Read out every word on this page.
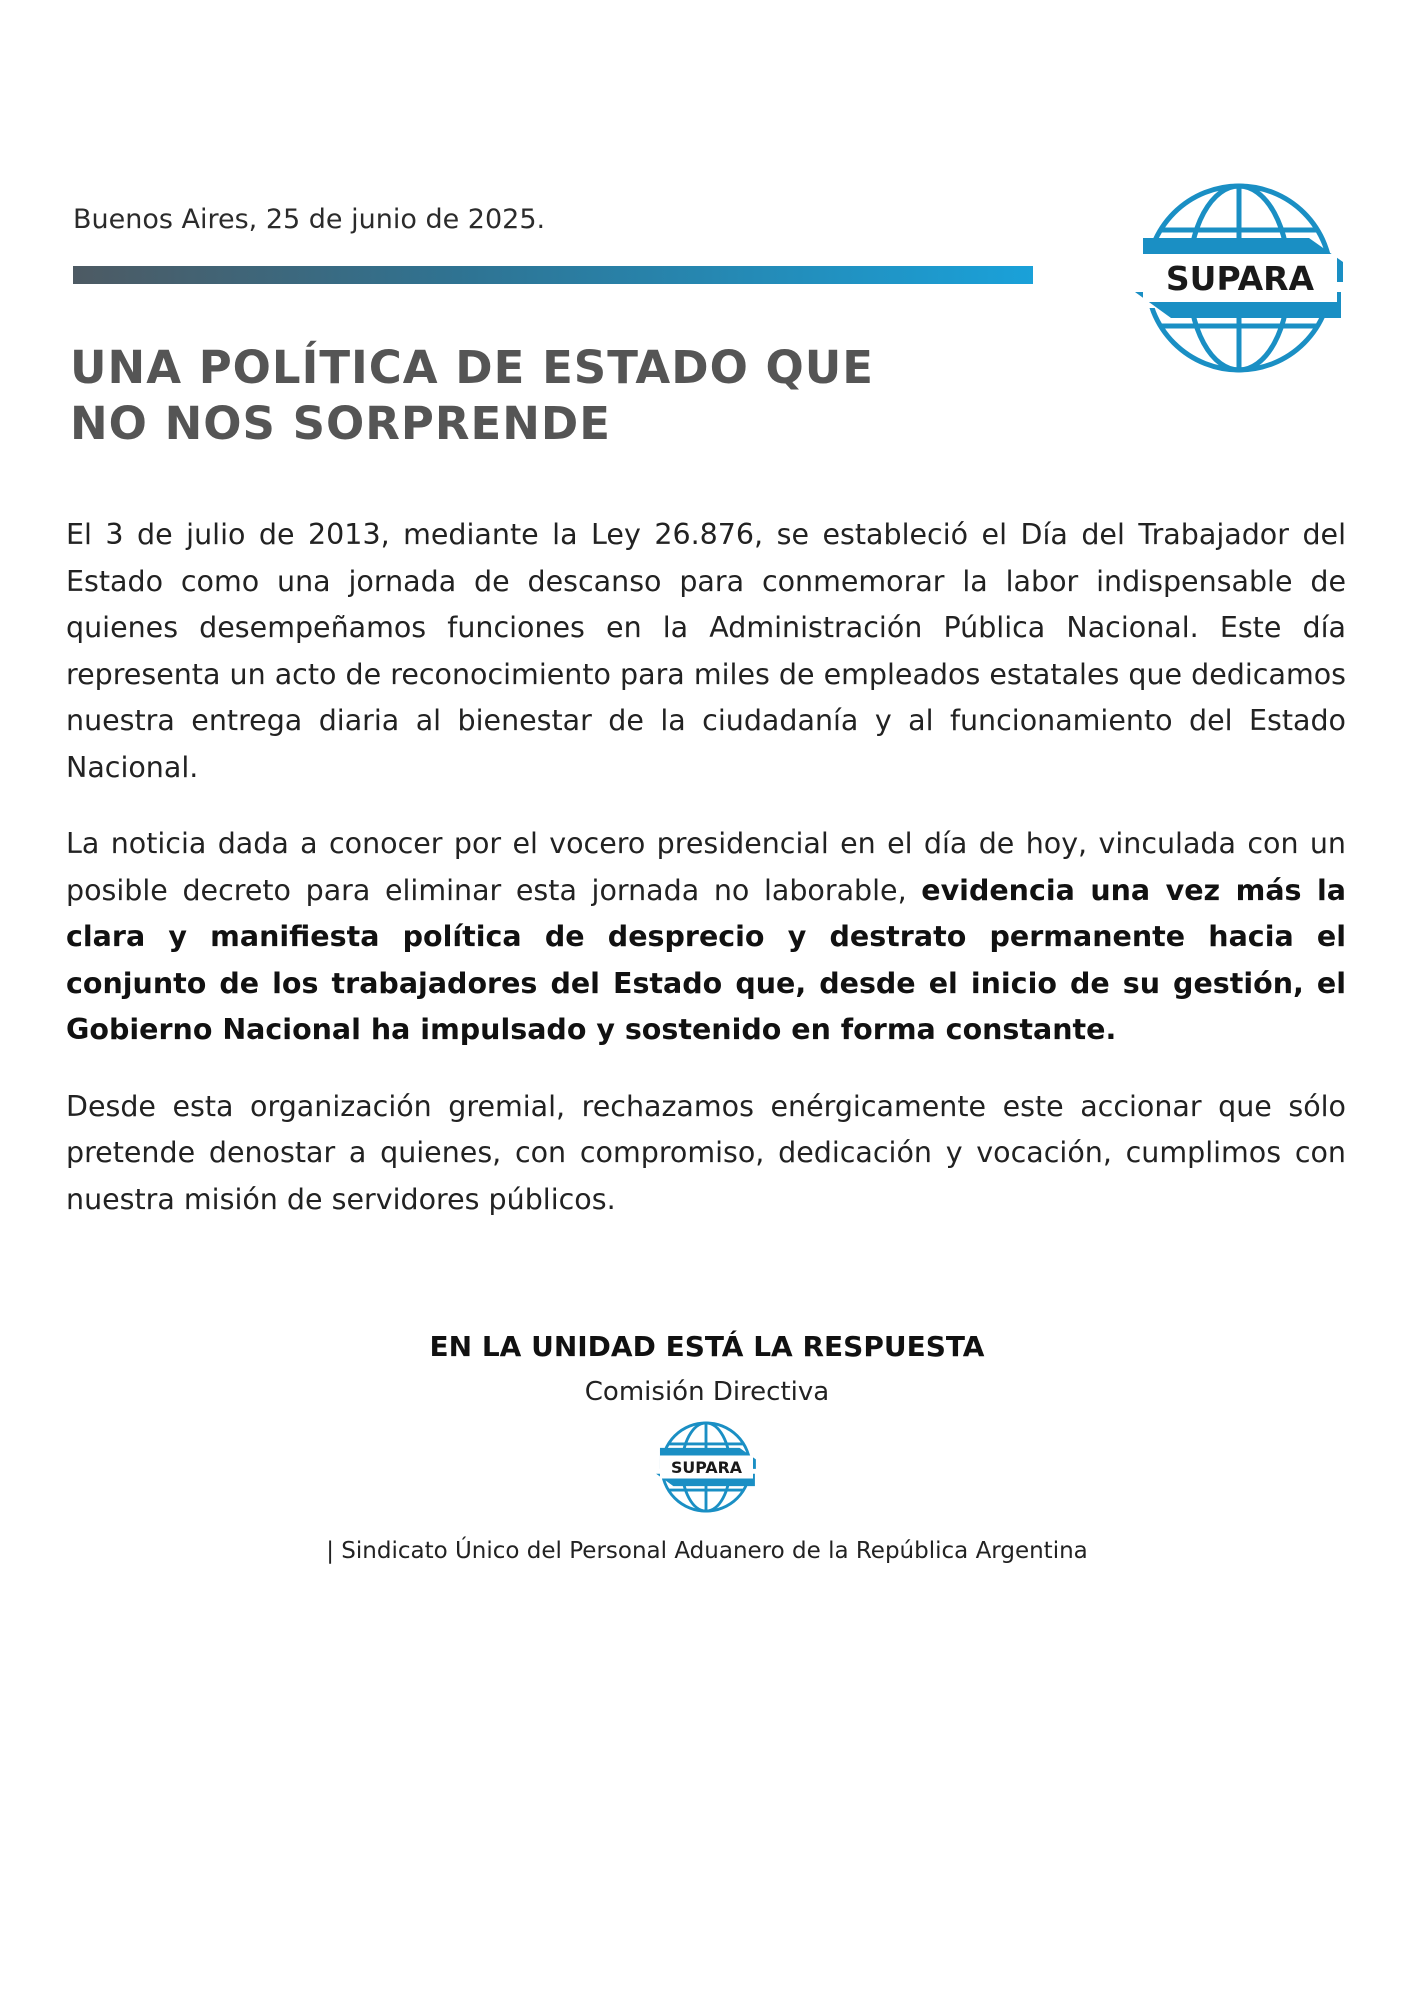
Buenos Aires, 25 de junio de 2025.
SUPARA
UNA POLÍTICA DE ESTADO QUE
NO NOS SORPRENDE

El 3 de julio de 2013, mediante la Ley 26.876, se estableció el Día del Trabajador del Estado como una jornada de descanso para conmemorar la labor indispensable de quienes desempeñamos funciones en la Administración Pública Nacional. Este día representa un acto de reconocimiento para miles de empleados estatales que dedicamos nuestra entrega diaria al bienestar de la ciudadanía y al funcionamiento del Estado Nacional.

La noticia dada a conocer por el vocero presidencial en el día de hoy, vinculada con un posible decreto para eliminar esta jornada no laborable, evidencia una vez más la clara y manifiesta política de desprecio y destrato permanente hacia el conjunto de los trabajadores del Estado que, desde el inicio de su gestión, el Gobierno Nacional ha impulsado y sostenido en forma constante.

Desde esta organización gremial, rechazamos enérgicamente este accionar que sólo pretende denostar a quienes, con compromiso, dedicación y vocación, cumplimos con nuestra misión de servidores públicos.

EN LA UNIDAD ESTÁ LA RESPUESTA
Comisión Directiva
SUPARA
| Sindicato Único del Personal Aduanero de la República Argentina
